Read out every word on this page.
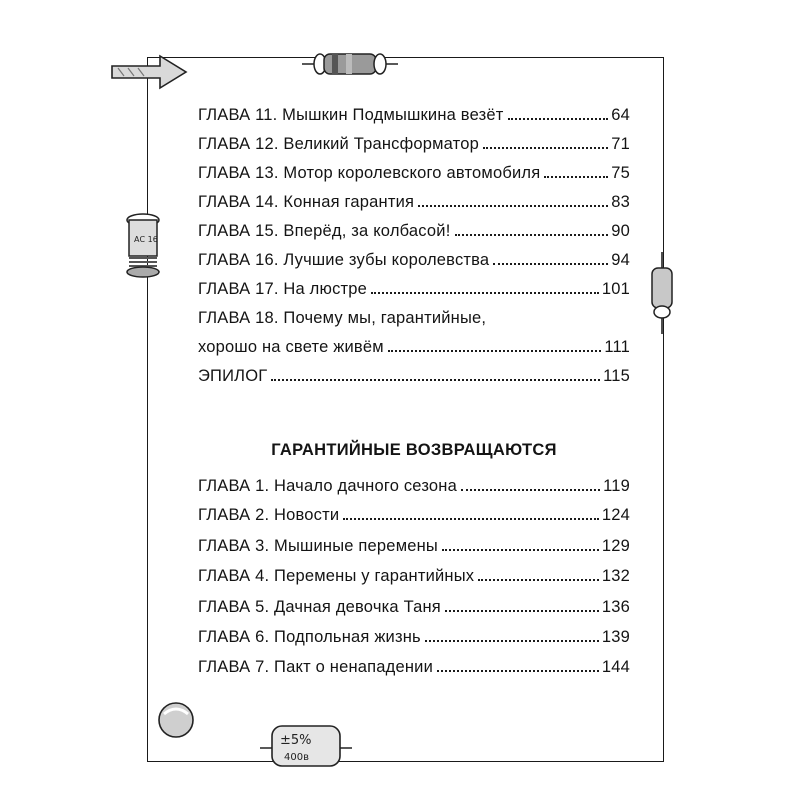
АС 16
±5%
400в
ГЛАВА 11. Мышкин Подмышкина везёт	64
ГЛАВА 12. Великий Трансформатор	71
ГЛАВА 13. Мотор королевского автомобиля	75
ГЛАВА 14. Конная гарантия	83
ГЛАВА 15. Вперёд, за колбасой!	90
ГЛАВА 16. Лучшие зубы королевства	94
ГЛАВА 17. На люстре	101
ГЛАВА 18. Почему мы, гарантийные,
хорошо на свете живём	111
ЭПИЛОГ	115
ГАРАНТИЙНЫЕ ВОЗВРАЩАЮТСЯ
ГЛАВА 1. Начало дачного сезона	119
ГЛАВА 2. Новости	124
ГЛАВА 3. Мышиные перемены	129
ГЛАВА 4. Перемены у гарантийных	132
ГЛАВА 5. Дачная девочка Таня	136
ГЛАВА 6. Подпольная жизнь	139
ГЛАВА 7. Пакт о ненападении	144
